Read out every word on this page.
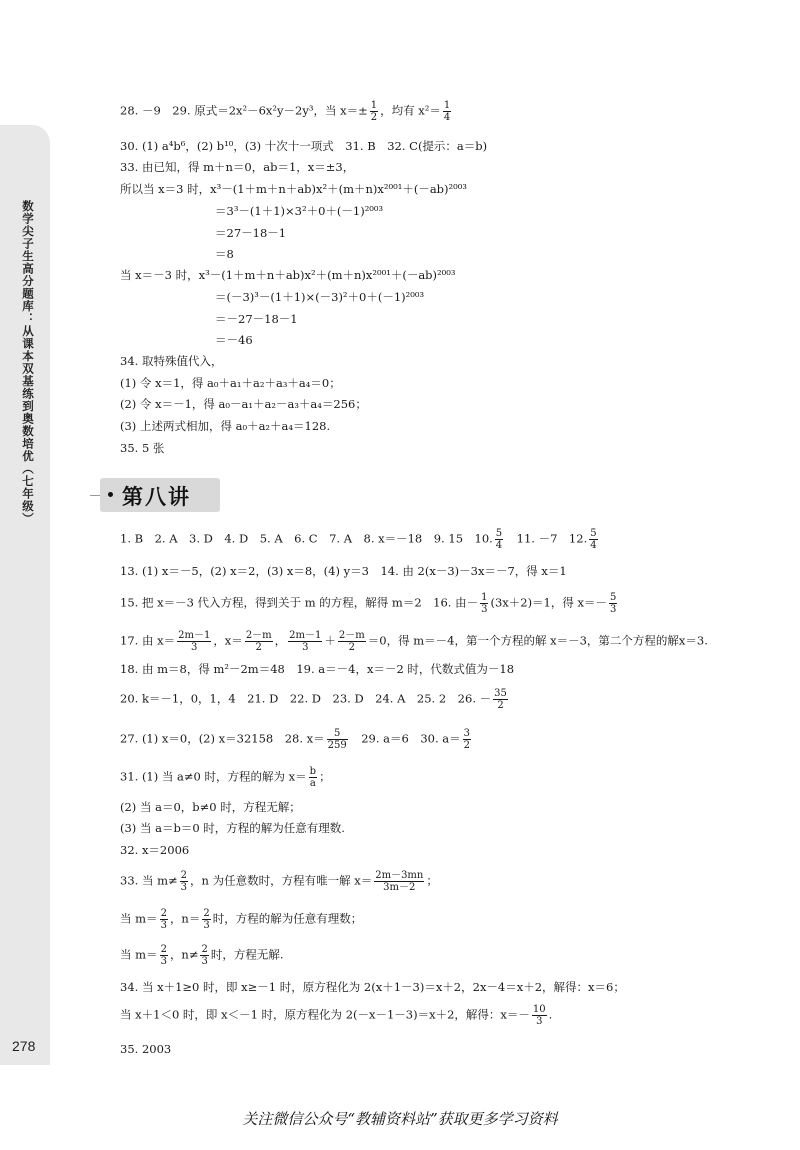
数学尖子生高分题库：从课本双基练到奥数培优（七年级）
278
28. －9　29. 原式＝2x²－6x²y－2y³，当 $x=\pm \frac{1}{2}$ ，均有 $x^2= \frac{1}{4}$
30. (1) a⁴b⁶，(2) b¹⁰，(3) 十次十一项式　31. B　32. C(提示：a＝b)
33. 由已知，得 m＋n＝0，ab＝1，x＝±3，
所以当 x＝3 时，x³－(1＋m＋n＋ab)x²＋(m＋n)x²⁰⁰¹＋(－ab)²⁰⁰³
＝3³－(1＋1)×3²＋0＋(－1)²⁰⁰³
＝27－18－1
＝8
当 x＝－3 时，x³－(1＋m＋n＋ab)x²＋(m＋n)x²⁰⁰¹＋(－ab)²⁰⁰³
＝(－3)³－(1＋1)×(－3)²＋0＋(－1)²⁰⁰³
＝－27－18－1
＝－46
34. 取特殊值代入，
(1) 令 x＝1，得 a₀＋a₁＋a₂＋a₃＋a₄＝0；
(2) 令 x＝－1，得 a₀－a₁＋a₂－a₃＋a₄＝256；
(3) 上述两式相加，得 a₀＋a₂＋a₄＝128.
35. 5 张
第八讲
1. B　2. A　3. D　4. D　5. A　6. C　7. A　8. x＝－18　9. 15　10. $\frac{5}{4}$
　 11. －7　12. $\frac{5}{4}$
13. (1) x＝－5，(2) x＝2，(3) x＝8，(4) y＝3　14. 由 2(x－3)－3x＝－7，得 x＝1
15. 把 x＝－3 代入方程，得到关于 m 的方程，解得 m＝2　16. 由－ $\frac{1}{3} (3x+2)=1$，得 $x=- \frac{5}{3}$
17. 由 $x= \frac{2m-1}{3}$ ，$x= \frac{2-m}{2}$ ， $\frac{2m-1}{3} + \frac{2-m}{2} =0$，得 m＝－4，第一个方程的解 x＝－3，第二个方程的解x＝3.
18. 由 m＝8，得 m²－2m＝48　19. a＝－4，x＝－2 时，代数式值为－18
20. k＝－1，0，1，4　21. D　22. D　23. D　24. A　25. 2　26. － $\frac{35}{2}$
27. (1) x＝0，(2) x＝32158　28. $x= \frac{5}{259}$
　 29. a＝6　30. $a= \frac{3}{2}$
31. (1) 当 a≠0 时，方程的解为 $x= \frac{b}{a}$ ；
(2) 当 a＝0，b≠0 时，方程无解；
(3) 当 a＝b＝0 时，方程的解为任意有理数.
32. x＝2006
33. 当 $m\ne \frac{2}{3}$ ，n 为任意数时，方程有唯一解 $x= \frac{2m-3mn}{3m-2}$ ；
当 $m= \frac{2}{3}$ ，$n= \frac{2}{3}$ 时，方程的解为任意有理数；
当 $m= \frac{2}{3}$ ，$n\ne \frac{2}{3}$ 时，方程无解.
34. 当 x＋1≥0 时，即 x≥－1 时，原方程化为 2(x＋1－3)＝x＋2，2x－4＝x＋2，解得：x＝6；
当 x＋1＜0 时，即 x＜－1 时，原方程化为 2(－x－1－3)＝x＋2，解得：$x=- \frac{10}{3}$ .
35. 2003
关注微信公众号“教辅资料站”获取更多学习资料
